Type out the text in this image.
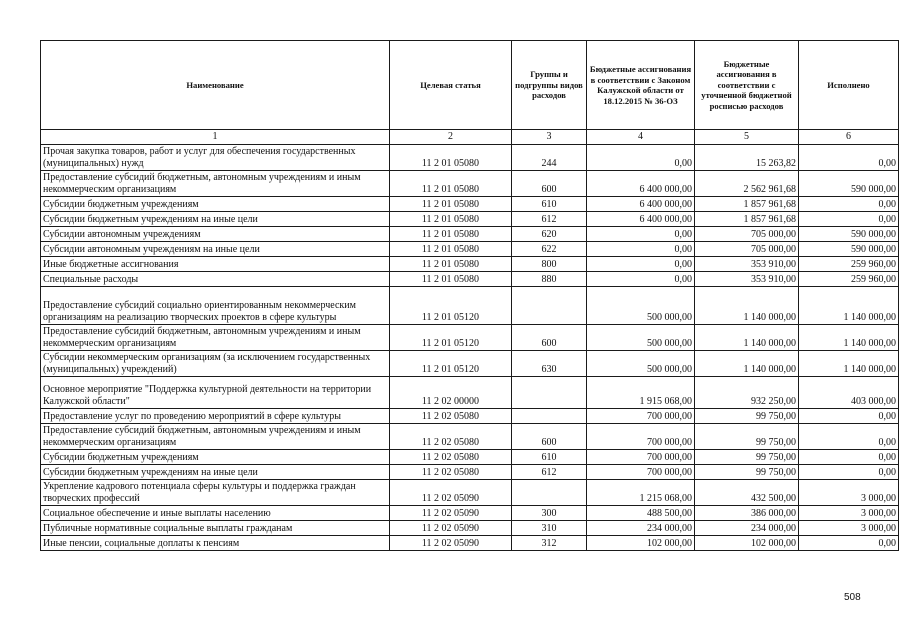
Наименование	Целевая статья	Группы и подгруппы видов расходов	Бюджетные ассигнования в соответствии с Законом Калужской области от 18.12.2015 № 36-ОЗ	Бюджетные ассигнования в соответствии с уточненной бюджетной росписью расходов	Исполнено
1	2	3	4	5	6
Прочая закупка товаров, работ и услуг для обеспечения государственных (муниципальных) нужд	11 2 01 05080	244	0,00	15 263,82	0,00
Предоставление субсидий бюджетным, автономным учреждениям и иным некоммерческим организациям	11 2 01 05080	600	6 400 000,00	2 562 961,68	590 000,00
Субсидии бюджетным учреждениям	11 2 01 05080	610	6 400 000,00	1 857 961,68	0,00
Субсидии бюджетным учреждениям на иные цели	11 2 01 05080	612	6 400 000,00	1 857 961,68	0,00
Субсидии автономным учреждениям	11 2 01 05080	620	0,00	705 000,00	590 000,00
Субсидии автономным учреждениям на иные цели	11 2 01 05080	622	0,00	705 000,00	590 000,00
Иные бюджетные ассигнования	11 2 01 05080	800	0,00	353 910,00	259 960,00
Специальные расходы	11 2 01 05080	880	0,00	353 910,00	259 960,00
Предоставление субсидий социально ориентированным некоммерческим организациям на реализацию творческих проектов в сфере культуры	11 2 01 05120		500 000,00	1 140 000,00	1 140 000,00
Предоставление субсидий бюджетным, автономным учреждениям и иным некоммерческим организациям	11 2 01 05120	600	500 000,00	1 140 000,00	1 140 000,00
Субсидии некоммерческим организациям (за исключением государственных (муниципальных) учреждений)	11 2 01 05120	630	500 000,00	1 140 000,00	1 140 000,00
Основное мероприятие "Поддержка культурной деятельности на территории Калужской области"	11 2 02 00000		1 915 068,00	932 250,00	403 000,00
Предоставление услуг по проведению мероприятий в сфере культуры	11 2 02 05080		700 000,00	99 750,00	0,00
Предоставление субсидий бюджетным, автономным учреждениям и иным некоммерческим организациям	11 2 02 05080	600	700 000,00	99 750,00	0,00
Субсидии бюджетным учреждениям	11 2 02 05080	610	700 000,00	99 750,00	0,00
Субсидии бюджетным учреждениям на иные цели	11 2 02 05080	612	700 000,00	99 750,00	0,00
Укрепление кадрового потенциала сферы культуры и поддержка граждан творческих профессий	11 2 02 05090		1 215 068,00	432 500,00	3 000,00
Социальное обеспечение и иные выплаты населению	11 2 02 05090	300	488 500,00	386 000,00	3 000,00
Публичные нормативные социальные выплаты гражданам	11 2 02 05090	310	234 000,00	234 000,00	3 000,00
Иные пенсии, социальные доплаты к пенсиям	11 2 02 05090	312	102 000,00	102 000,00	0,00
508
